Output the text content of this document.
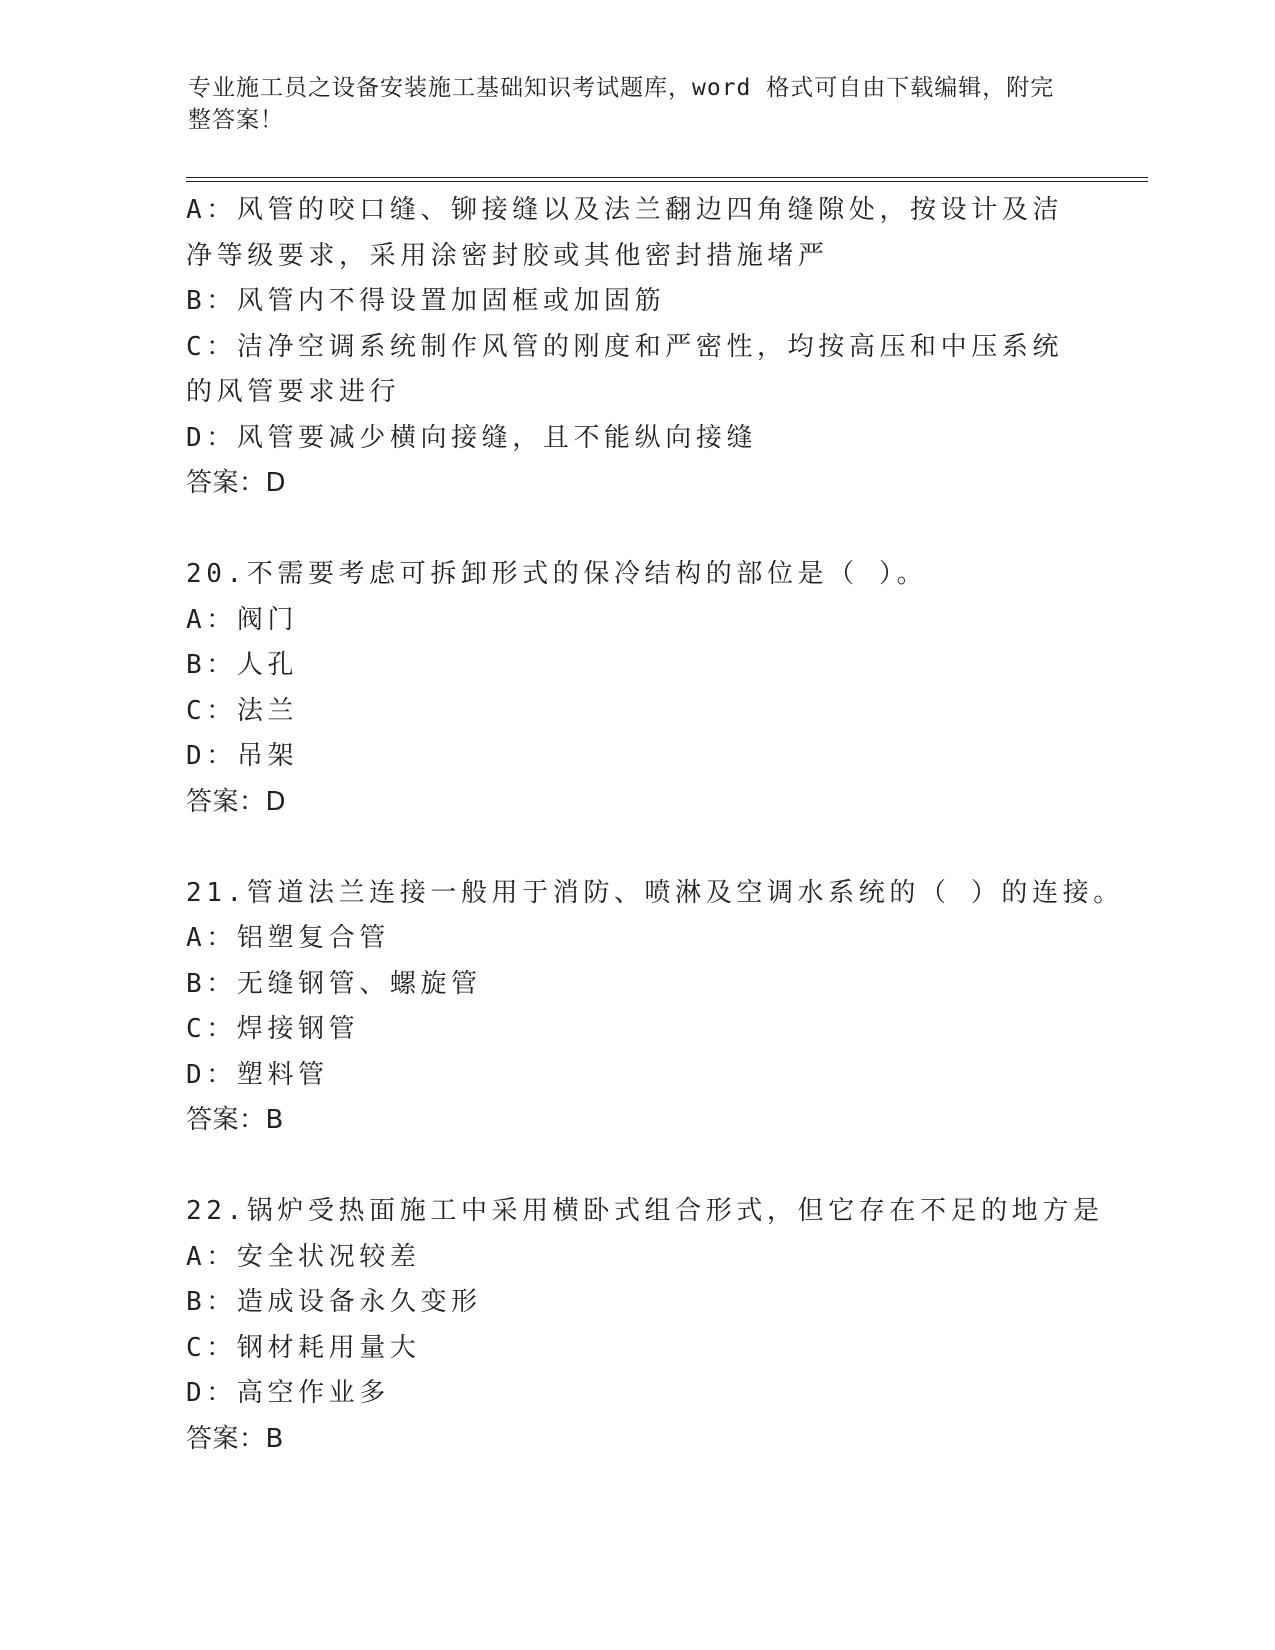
专业施工员之设备安装施工基础知识考试题库，word 格式可自由下载编辑，附完整答案！
A：风管的咬口缝、铆接缝以及法兰翻边四角缝隙处，按设计及洁净等级要求，采用涂密封胶或其他密封措施堵严
B：风管内不得设置加固框或加固筋
C：洁净空调系统制作风管的刚度和严密性，均按高压和中压系统的风管要求进行
D：风管要减少横向接缝，且不能纵向接缝
答案：D
20.不需要考虑可拆卸形式的保冷结构的部位是（ ）。
A：阀门
B：人孔
C：法兰
D：吊架
答案：D
21.管道法兰连接一般用于消防、喷淋及空调水系统的（ ）的连接。
A：铝塑复合管
B：无缝钢管、螺旋管
C：焊接钢管
D：塑料管
答案：B
22.锅炉受热面施工中采用横卧式组合形式，但它存在不足的地方是
A：安全状况较差
B：造成设备永久变形
C：钢材耗用量大
D：高空作业多
答案：B
